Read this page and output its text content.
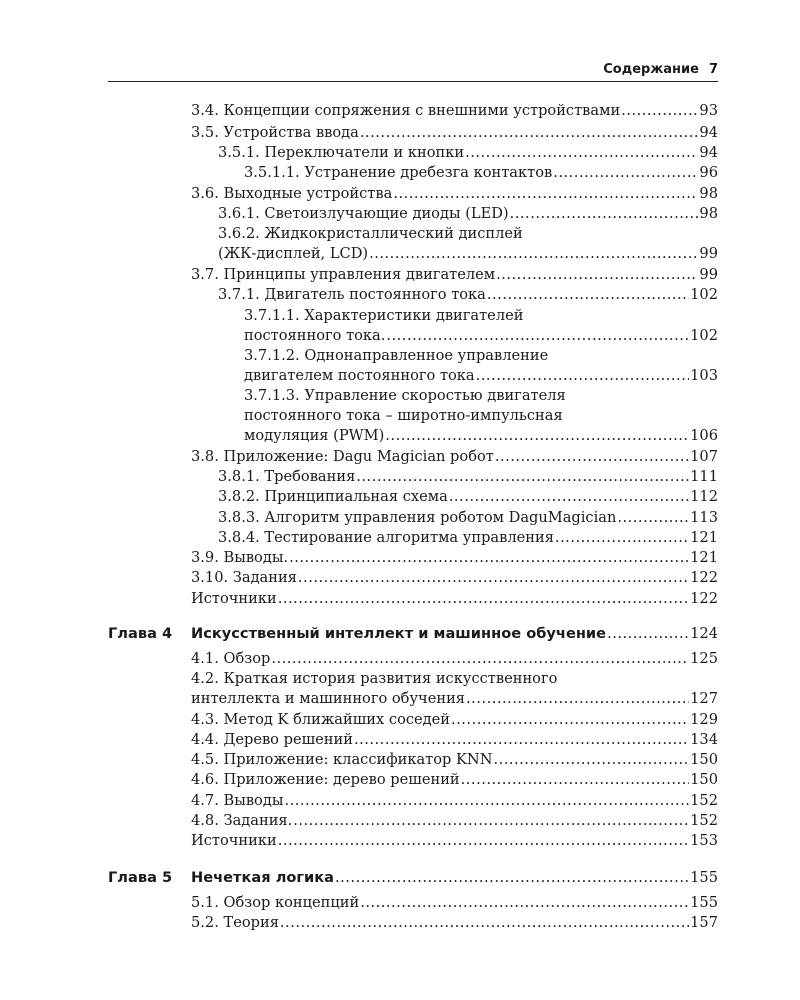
Содержание 7
3.4. Концепции сопряжения с внешними устройствами .....	93
3.5. Устройства ввода .....	94
3.5.1. Переключатели и кнопки .....	94
3.5.1.1. Устранение дребезга контактов .....	96
3.6. Выходные устройства .....	98
3.6.1. Светоизлучающие диоды (LED) .....	98
3.6.2. Жидкокристаллический дисплей
(ЖК-дисплей, LCD) .....	99
3.7. Принципы управления двигателем .....	99
3.7.1. Двигатель постоянного тока .....	102
3.7.1.1. Характеристики двигателей
постоянного тока. .....	102
3.7.1.2. Однонаправленное управление
двигателем постоянного тока .....	103
3.7.1.3. Управление скоростью двигателя
постоянного тока – широтно-импульсная
модуляция (PWM) .....	106
3.8. Приложение: Dagu Magician робот .....	107
3.8.1. Требования .....	111
3.8.2. Принципиальная схема .....	112
3.8.3. Алгоритм управления роботом DaguMagician .....	113
3.8.4. Тестирование алгоритма управления .....	121
3.9. Выводы. .....	121
3.10. Задания .....	122
Источники .....	122
Глава 4 Искусственный интеллект и машинное обучение .....	124
4.1. Обзор .....	125
4.2. Краткая история развития искусственного
интеллекта и машинного обучения .....	127
4.3. Метод K ближайших соседей .....	129
4.4. Дерево решений .....	134
4.5. Приложение: классификатор KNN .....	150
4.6. Приложение: дерево решений .....	150
4.7. Выводы .....	152
4.8. Задания. .....	152
Источники .....	153
Глава 5 Нечеткая логика .....	155
5.1. Обзор концепций .....	155
5.2. Теория .....	157
